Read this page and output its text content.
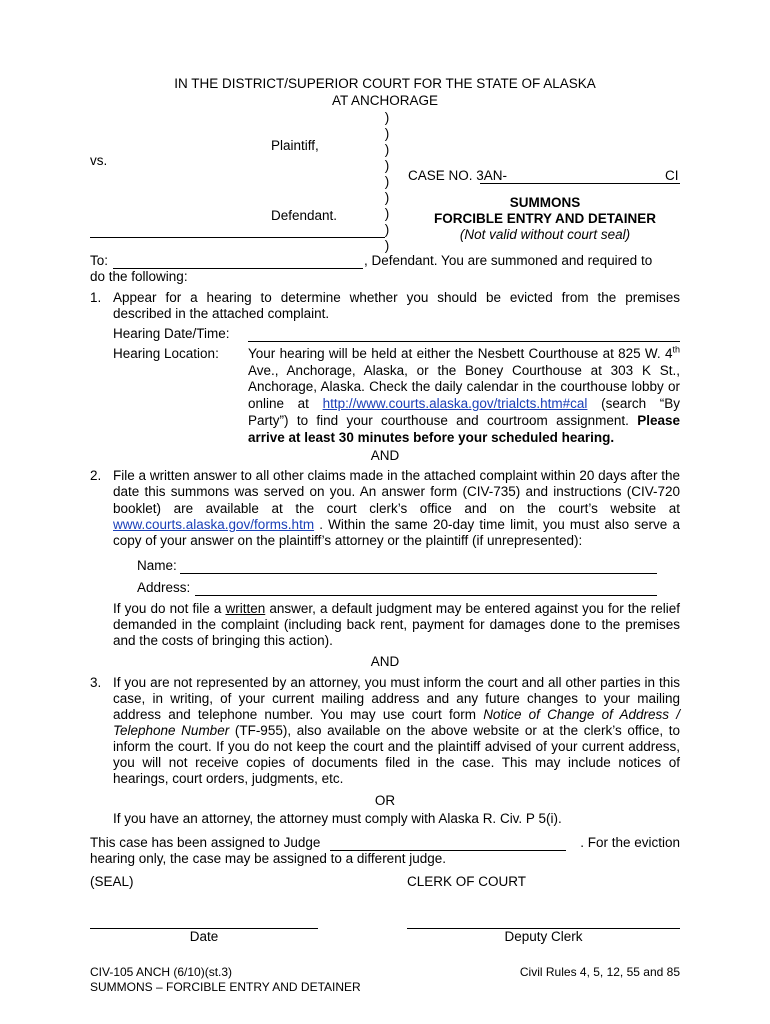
IN THE DISTRICT/SUPERIOR COURT FOR THE STATE OF ALASKA
AT ANCHORAGE
)
)
)
)
)
)
)
)
)
Plaintiff,
vs.
Defendant.
CASE NO. 3AN-	CI
SUMMONS
FORCIBLE ENTRY AND DETAINER
(Not valid without court seal)
To:	, Defendant. You are summoned and required to
do the following:
1. Appear for a hearing to determine whether you should be evicted from the premises
described in the attached complaint.
Hearing Date/Time:
Hearing Location: Your hearing will be held at either the Nesbett Courthouse at 825 W. 4th Ave., Anchorage, Alaska, or the Boney Courthouse at 303 K St., Anchorage, Alaska. Check the daily calendar in the courthouse lobby or online at http://www.courts.alaska.gov/trialcts.htm#cal (search “By Party”) to find your courthouse and courtroom assignment. Please arrive at least 30 minutes before your scheduled hearing.
AND
2. File a written answer to all other claims made in the attached complaint within 20 days after the date this summons was served on you. An answer form (CIV-735) and instructions (CIV-720 booklet) are available at the court clerk’s office and on the court’s website at www.courts.alaska.gov/forms.htm . Within the same 20-day time limit, you must also serve a copy of your answer on the plaintiff’s attorney or the plaintiff (if unrepresented):
Name:
Address:
If you do not file a written answer, a default judgment may be entered against you for the relief demanded in the complaint (including back rent, payment for damages done to the premises and the costs of bringing this action).
AND
3. If you are not represented by an attorney, you must inform the court and all other parties in this case, in writing, of your current mailing address and any future changes to your mailing address and telephone number. You may use court form Notice of Change of Address / Telephone Number (TF-955), also available on the above website or at the clerk’s office, to inform the court. If you do not keep the court and the plaintiff advised of your current address, you will not receive copies of documents filed in the case. This may include notices of hearings, court orders, judgments, etc.
OR
If you have an attorney, the attorney must comply with Alaska R. Civ. P 5(i).
This case has been assigned to Judge	. For the eviction
hearing only, the case may be assigned to a different judge.
(SEAL)	CLERK OF COURT
Date	Deputy Clerk
CIV-105 ANCH (6/10)(st.3)
SUMMONS – FORCIBLE ENTRY AND DETAINER
Civil Rules 4, 5, 12, 55 and 85
